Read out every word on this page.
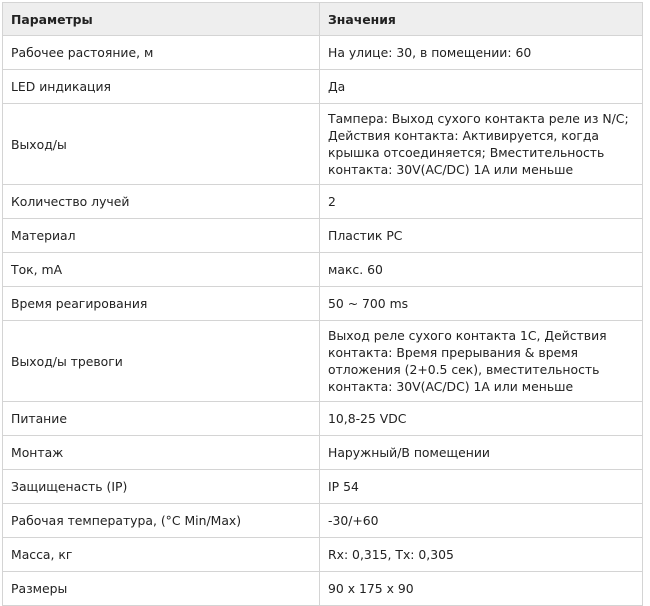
Параметры	Значения
Рабочее растояние, м	На улице: 30, в помещении: 60
LED индикация	Да
Выход/ы	Тампера: Выход сухого контакта реле из N/C; Действия контакта: Активируется, когда крышка отсоединяется; Вместительность контакта: 30V(AC/DC) 1A или меньше
Количество лучей	2
Материал	Пластик PC
Ток, mA	макс. 60
Время реагирования	50 ~ 700 ms
Выход/ы тревоги	Выход реле сухого контакта 1C, Действия контакта: Время прерывания & время отложения (2+0.5 сек), вместительность контакта: 30V(AC/DC) 1A или меньше
Питание	10,8-25 VDC
Монтаж	Наружный/В помещении
Защищенасть (IP)	IP 54
Рабочая температура, (°C Min/Max)	-30/+60
Масса, кг	Rx: 0,315, Tx: 0,305
Размеры	90 x 175 x 90
